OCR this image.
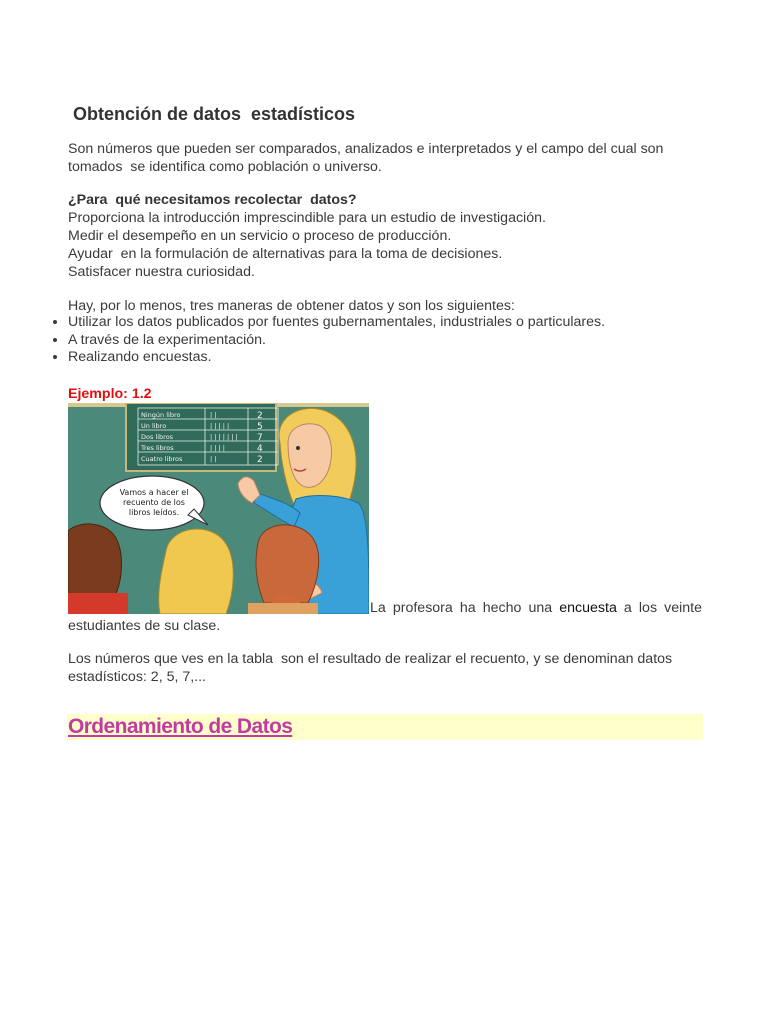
Obtención de datos  estadísticos
Son números que pueden ser comparados, analizados e interpretados y el campo del cual son tomados  se identifica como población o universo.
¿Para  qué necesitamos recolectar  datos?
Proporciona la introducción imprescindible para un estudio de investigación.
Medir el desempeño en un servicio o proceso de producción.
Ayudar  en la formulación de alternativas para la toma de decisiones.
Satisfacer nuestra curiosidad.
Hay, por lo menos, tres maneras de obtener datos y son los siguientes:
• Utilizar los datos publicados por fuentes gubernamentales, industriales o particulares.
• A través de la experimentación.
• Realizando encuestas.
Ejemplo: 1.2
Ningún libro
Un libro
Dos libros
Tres libros
Cuatro libros
| |
| | | | |
| | | | | | |
| | | |
| |
2
5
7
4
2
Vamos a hacer el
recuento de los
libros leídos.
La profesora ha hecho una encuesta a los veinte
estudiantes de su clase.
Los números que ves en la tabla  son el resultado de realizar el recuento, y se denominan datos estadísticos: 2, 5, 7,...
Ordenamiento de Datos
